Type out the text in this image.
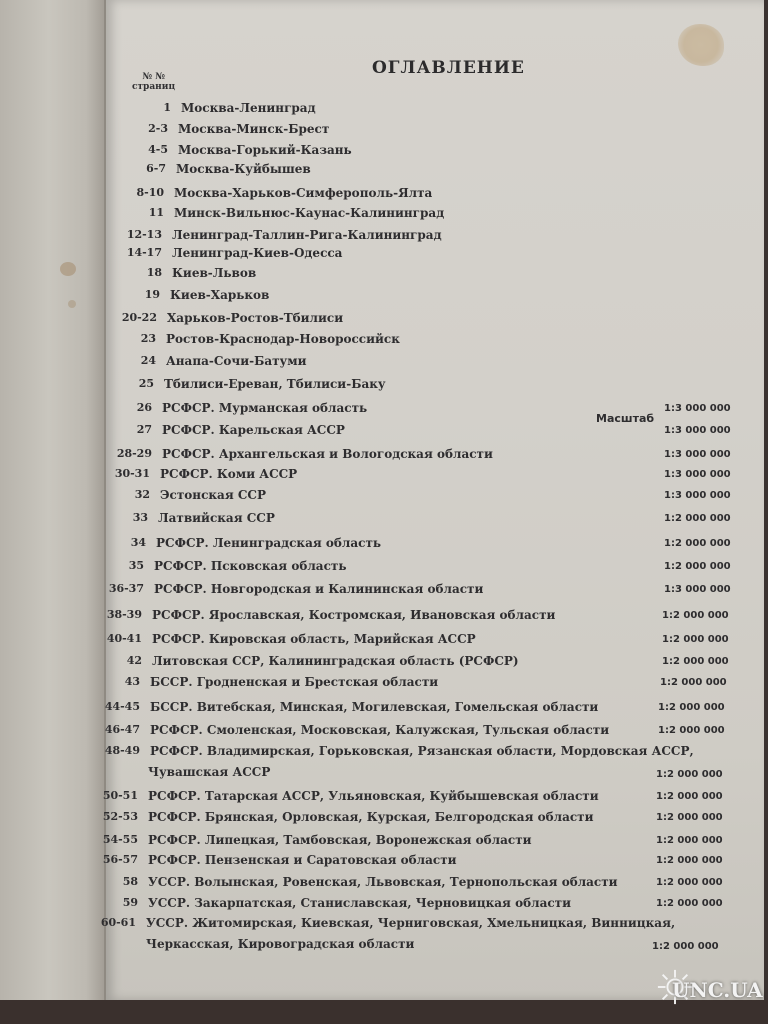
ОГЛАВЛЕНИЕ
№ №
страниц
Масштаб
1 Москва-Ленинград
2-3 Москва-Минск-Брест
4-5 Москва-Горький-Казань
6-7 Москва-Куйбышев
8-10 Москва-Харьков-Симферополь-Ялта
11 Минск-Вильнюс-Каунас-Калининград
12-13 Ленинград-Таллин-Рига-Калининград
14-17 Ленинград-Киев-Одесса
18 Киев-Львов
19 Киев-Харьков
20-22 Харьков-Ростов-Тбилиси
23 Ростов-Краснодар-Новороссийск
24 Анапа-Сочи-Батуми
25 Тбилиси-Ереван, Тбилиси-Баку
26 РСФСР. Мурманская область	1:3 000 000
27 РСФСР. Карельская АССР	1:3 000 000
28-29 РСФСР. Архангельская и Вологодская области	1:3 000 000
30-31 РСФСР. Коми АССР	1:3 000 000
32 Эстонская ССР	1:3 000 000
33 Латвийская ССР	1:2 000 000
34 РСФСР. Ленинградская область	1:2 000 000
35 РСФСР. Псковская область	1:2 000 000
36-37 РСФСР. Новгородская и Калининская области	1:3 000 000
38-39 РСФСР. Ярославская, Костромская, Ивановская области	1:2 000 000
40-41 РСФСР. Кировская область, Марийская АССР	1:2 000 000
42 Литовская ССР, Калининградская область (РСФСР)	1:2 000 000
43 БССР. Гродненская и Брестская области	1:2 000 000
44-45 БССР. Витебская, Минская, Могилевская, Гомельская области	1:2 000 000
46-47 РСФСР. Смоленская, Московская, Калужская, Тульская области	1:2 000 000
48-49 РСФСР. Владимирская, Горьковская, Рязанская области, Мордовская АССР,
Чувашская АССР	1:2 000 000
50-51 РСФСР. Татарская АССР, Ульяновская, Куйбышевская области	1:2 000 000
52-53 РСФСР. Брянская, Орловская, Курская, Белгородская области	1:2 000 000
54-55 РСФСР. Липецкая, Тамбовская, Воронежская области	1:2 000 000
56-57 РСФСР. Пензенская и Саратовская области	1:2 000 000
58 УССР. Волынская, Ровенская, Львовская, Тернопольская области	1:2 000 000
59 УССР. Закарпатская, Станиславская, Черновицкая области	1:2 000 000
60-61 УССР. Житомирская, Киевская, Черниговская, Хмельницкая, Винницкая,
Черкасская, Кировоградская области	1:2 000 000
UNC.UA
